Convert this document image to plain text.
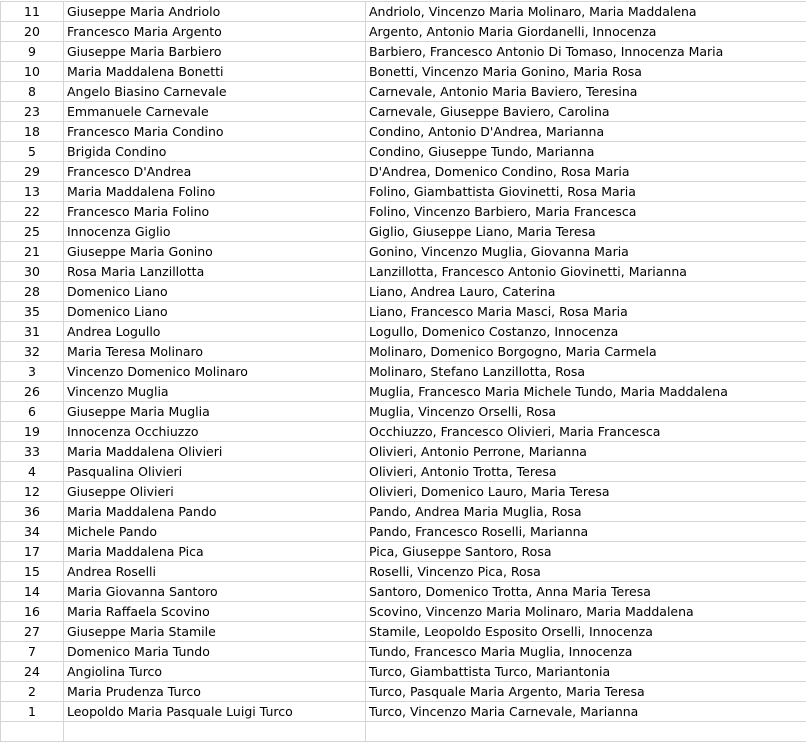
11	Giuseppe Maria Andriolo	Andriolo, Vincenzo Maria Molinaro, Maria Maddalena
20	Francesco Maria Argento	Argento, Antonio Maria Giordanelli, Innocenza
9	Giuseppe Maria Barbiero	Barbiero, Francesco Antonio Di Tomaso, Innocenza Maria
10	Maria Maddalena Bonetti	Bonetti, Vincenzo Maria Gonino, Maria Rosa
8	Angelo Biasino Carnevale	Carnevale, Antonio Maria Baviero, Teresina
23	Emmanuele Carnevale	Carnevale, Giuseppe Baviero, Carolina
18	Francesco Maria Condino	Condino, Antonio D'Andrea, Marianna
5	Brigida Condino	Condino, Giuseppe Tundo, Marianna
29	Francesco D'Andrea	D'Andrea, Domenico Condino, Rosa Maria
13	Maria Maddalena Folino	Folino, Giambattista Giovinetti, Rosa Maria
22	Francesco Maria Folino	Folino, Vincenzo Barbiero, Maria Francesca
25	Innocenza Giglio	Giglio, Giuseppe Liano, Maria Teresa
21	Giuseppe Maria Gonino	Gonino, Vincenzo Muglia, Giovanna Maria
30	Rosa Maria Lanzillotta	Lanzillotta, Francesco Antonio Giovinetti, Marianna
28	Domenico Liano	Liano, Andrea Lauro, Caterina
35	Domenico Liano	Liano, Francesco Maria Masci, Rosa Maria
31	Andrea Logullo	Logullo, Domenico Costanzo, Innocenza
32	Maria Teresa Molinaro	Molinaro, Domenico Borgogno, Maria Carmela
3	Vincenzo Domenico Molinaro	Molinaro, Stefano Lanzillotta, Rosa
26	Vincenzo Muglia	Muglia, Francesco Maria Michele Tundo, Maria Maddalena
6	Giuseppe Maria Muglia	Muglia, Vincenzo Orselli, Rosa
19	Innocenza Occhiuzzo	Occhiuzzo, Francesco Olivieri, Maria Francesca
33	Maria Maddalena Olivieri	Olivieri, Antonio Perrone, Marianna
4	Pasqualina Olivieri	Olivieri, Antonio Trotta, Teresa
12	Giuseppe Olivieri	Olivieri, Domenico Lauro, Maria Teresa
36	Maria Maddalena Pando	Pando, Andrea Maria Muglia, Rosa
34	Michele Pando	Pando, Francesco Roselli, Marianna
17	Maria Maddalena Pica	Pica, Giuseppe Santoro, Rosa
15	Andrea Roselli	Roselli, Vincenzo Pica, Rosa
14	Maria Giovanna Santoro	Santoro, Domenico Trotta, Anna Maria Teresa
16	Maria Raffaela Scovino	Scovino, Vincenzo Maria Molinaro, Maria Maddalena
27	Giuseppe Maria Stamile	Stamile, Leopoldo Esposito Orselli, Innocenza
7	Domenico Maria Tundo	Tundo, Francesco Maria Muglia, Innocenza
24	Angiolina Turco	Turco, Giambattista Turco, Mariantonia
2	Maria Prudenza Turco	Turco, Pasquale Maria Argento, Maria Teresa
1	Leopoldo Maria Pasquale Luigi Turco	Turco, Vincenzo Maria Carnevale, Marianna
